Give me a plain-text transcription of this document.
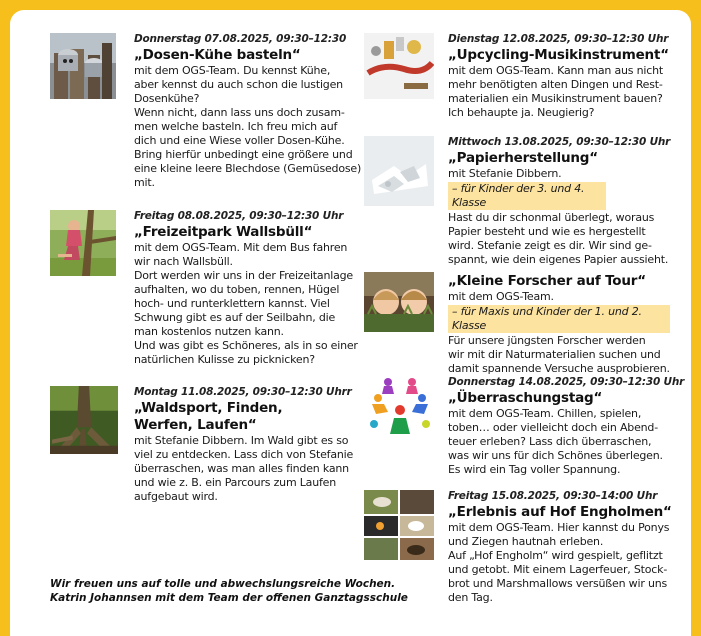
Donnerstag 07.08.2025, 09:30–12:30
„Dosen-Kühe basteln“
mit dem OGS-Team. Du kennst Kühe,
aber kennst du auch schon die lustigen
Dosenkühe?
Wenn nicht, dann lass uns doch zusam-
men welche basteln. Ich freu mich auf
dich und eine Wiese voller Dosen-Kühe.
Bring hierfür unbedingt eine größere und
eine kleine leere Blechdose (Gemüsedose)
mit.
Freitag 08.08.2025, 09:30–12:30 Uhr
„Freizeitpark Wallsbüll“
mit dem OGS-Team. Mit dem Bus fahren
wir nach Wallsbüll.
Dort werden wir uns in der Freizeitanlage
aufhalten, wo du toben, rennen, Hügel
hoch- und runterklettern kannst. Viel
Schwung gibt es auf der Seilbahn, die
man kostenlos nutzen kann.
Und was gibt es Schöneres, als in so einer
natürlichen Kulisse zu picknicken?
Montag 11.08.2025, 09:30–12:30 Uhrr
„Waldsport, Finden,
Werfen, Laufen“
mit Stefanie Dibbern. Im Wald gibt es so
viel zu entdecken. Lass dich von Stefanie
überraschen, was man alles finden kann
und wie z. B. ein Parcours zum Laufen
aufgebaut wird.
Dienstag 12.08.2025, 09:30–12:30 Uhr
„Upcycling-Musikinstrument“
mit dem OGS-Team. Kann man aus nicht
mehr benötigten alten Dingen und Rest-
materialien ein Musikinstrument bauen?
Ich behaupte ja. Neugierig?
Mittwoch 13.08.2025, 09:30–12:30 Uhr
„Papierherstellung“
mit Stefanie Dibbern.
– für Kinder der 3. und 4. Klasse
Hast du dir schonmal überlegt, woraus
Papier besteht und wie es hergestellt
wird. Stefanie zeigt es dir. Wir sind ge-
spannt, wie dein eigenes Papier aussieht.
„Kleine Forscher auf Tour“
mit dem OGS-Team.
– für Maxis und Kinder der 1. und 2. Klasse
Für unsere jüngsten Forscher werden
wir mit dir Naturmaterialien suchen und
damit spannende Versuche ausprobieren.
Donnerstag 14.08.2025, 09:30–12:30 Uhr
„Überraschungstag“
mit dem OGS-Team. Chillen, spielen,
toben… oder vielleicht doch ein Abend-
teuer erleben? Lass dich überraschen,
was wir uns für dich Schönes überlegen.
Es wird ein Tag voller Spannung.
Freitag 15.08.2025, 09:30–14:00 Uhr
„Erlebnis auf Hof Engholmen“
mit dem OGS-Team. Hier kannst du Ponys
und Ziegen hautnah erleben.
Auf „Hof Engholm“ wird gespielt, geflitzt
und getobt. Mit einem Lagerfeuer, Stock-
brot und Marshmallows versüßen wir uns
den Tag.
Wir freuen uns auf tolle und abwechslungsreiche Wochen.
Katrin Johannsen mit dem Team der offenen Ganztagsschule
